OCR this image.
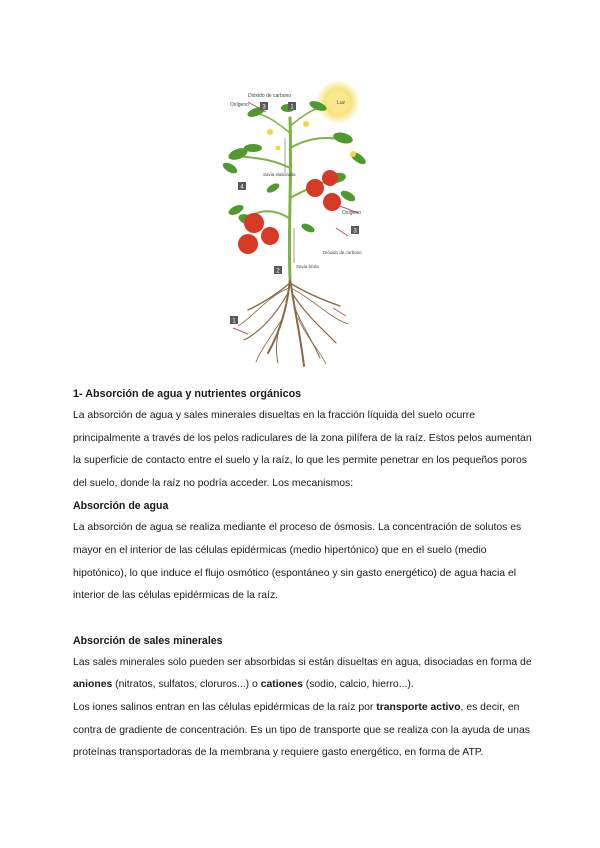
Luz
3	1
4
3
2
1
Dióxido de carbono
Oxígeno
Savia elaborada
Oxígeno
Dióxido de carbono
Savia bruta
1- Absorción de agua y nutrientes orgánicos

La absorción de agua y sales minerales disueltas en la fracción líquida del suelo ocurre principalmente a través de los pelos radiculares de la zona pilífera de la raíz. Estos pelos aumentan la superficie de contacto entre el suelo y la raíz, lo que les permite penetrar en los pequeños poros del suelo, donde la raíz no podría acceder. Los mecanismos:

Absorción de agua

La absorción de agua se realiza mediante el proceso de ósmosis. La concentración de solutos es mayor en el interior de las células epidérmicas (medio hipertónico) que en el suelo (medio hipotónico), lo que induce el flujo osmótico (espontáneo y sin gasto energético) de agua hacia el interior de las células epidérmicas de la raíz.

Absorción de sales minerales

Las sales minerales solo pueden ser absorbidas si están disueltas en agua, disociadas en forma de aniones (nitratos, sulfatos, cloruros...) o cationes (sodio, calcio, hierro...).

Los iones salinos entran en las células epidérmicas de la raíz por transporte activo, es decir, en contra de gradiente de concentración. Es un tipo de transporte que se realiza con la ayuda de unas proteínas transportadoras de la membrana y requiere gasto energético, en forma de ATP.
